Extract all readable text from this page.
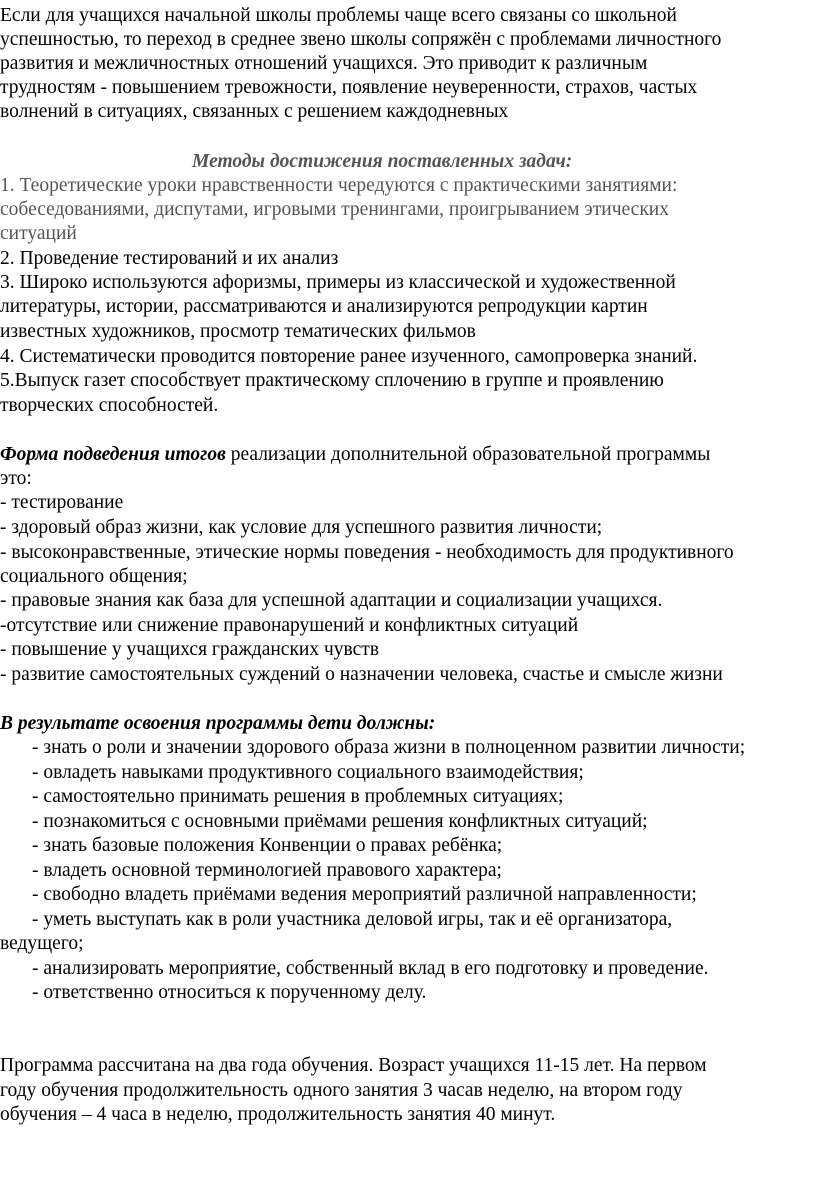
Если для учащихся начальной школы проблемы чаще всего связаны со школьной
успешностью, то переход в среднее звено школы сопряжён с проблемами личностного
развития и межличностных отношений учащихся. Это приводит к различным
трудностям - повышением тревожности, появление неуверенности, страхов, частых
волнений в ситуациях, связанных с решением каждодневных
Методы достижения поставленных задач:
1. Теоретические уроки нравственности чередуются с практическими занятиями:
собеседованиями, диспутами, игровыми тренингами, проигрыванием этических
ситуаций
2. Проведение тестирований и их анализ
3. Широко используются афоризмы, примеры из классической и художественной
литературы, истории, рассматриваются и анализируются репродукции картин
известных художников, просмотр тематических фильмов
4. Систематически проводится повторение ранее изученного, самопроверка знаний.
5.Выпуск газет способствует практическому сплочению в группе и проявлению
творческих способностей.
Форма подведения итогов реализации дополнительной образовательной программы
это:
- тестирование
- здоровый образ жизни, как условие для успешного развития личности;
- высоконравственные, этические нормы поведения - необходимость для продуктивного
социального общения;
- правовые знания как база для успешной адаптации и социализации учащихся.
-отсутствие или снижение правонарушений и конфликтных ситуаций
- повышение у учащихся гражданских чувств
- развитие самостоятельных суждений о назначении человека, счастье и смысле жизни
В результате освоения программы дети должны:
- знать о роли и значении здорового образа жизни в полноценном развитии личности;
- овладеть навыками продуктивного социального взаимодействия;
- самостоятельно принимать решения в проблемных ситуациях;
- познакомиться с основными приёмами решения конфликтных ситуаций;
- знать базовые положения Конвенции о правах ребёнка;
- владеть основной терминологией правового характера;
- свободно владеть приёмами ведения мероприятий различной направленности;
- уметь выступать как в роли участника деловой игры, так и её организатора,
ведущего;
- анализировать мероприятие, собственный вклад в его подготовку и проведение.
- ответственно относиться к порученному делу.
Программа рассчитана на два года обучения. Возраст учащихся 11-15 лет. На первом
году обучения продолжительность одного занятия 3 часав неделю, на втором году
обучения – 4 часа в неделю, продолжительность занятия 40 минут.
